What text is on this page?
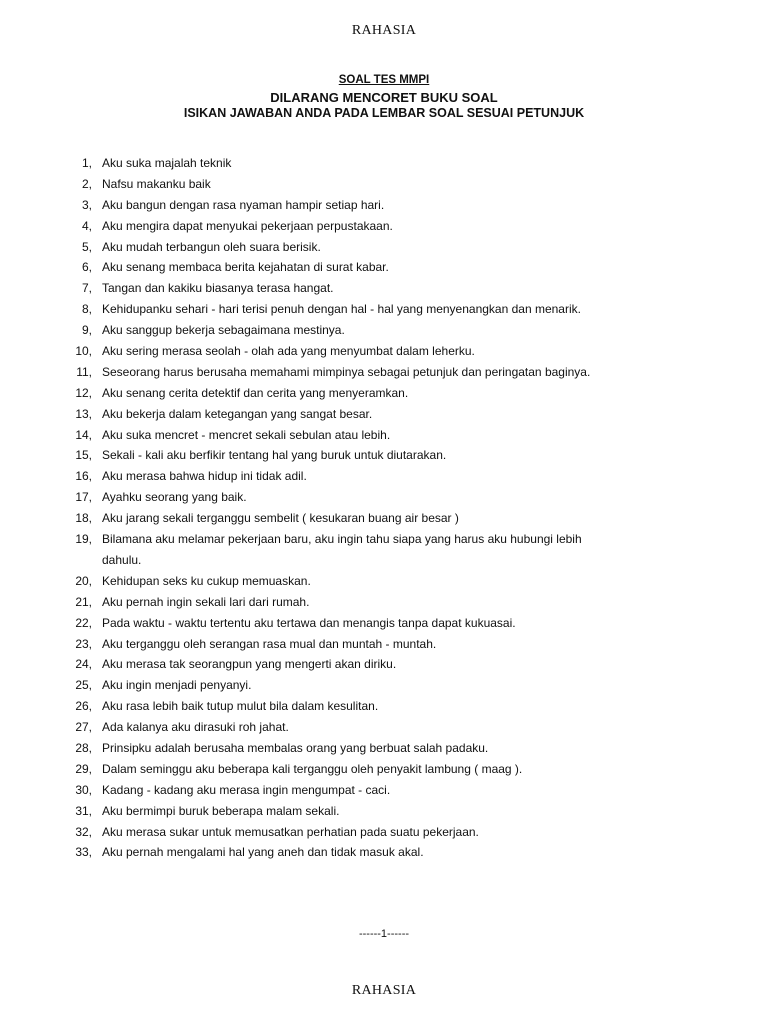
RAHASIA
SOAL TES MMPI
DILARANG MENCORET BUKU SOAL
ISIKAN JAWABAN ANDA PADA LEMBAR SOAL SESUAI PETUNJUK
1, Aku suka majalah teknik
2, Nafsu makanku baik
3, Aku bangun dengan rasa nyaman hampir setiap hari.
4, Aku mengira dapat menyukai pekerjaan perpustakaan.
5, Aku mudah terbangun oleh suara berisik.
6, Aku senang membaca berita kejahatan di surat kabar.
7, Tangan dan kakiku biasanya terasa hangat.
8, Kehidupanku sehari - hari terisi penuh dengan hal - hal yang menyenangkan dan menarik.
9, Aku sanggup bekerja sebagaimana mestinya.
10, Aku sering merasa seolah - olah ada yang menyumbat dalam leherku.
11, Seseorang harus berusaha memahami mimpinya sebagai petunjuk dan peringatan baginya.
12, Aku senang cerita detektif dan cerita yang menyeramkan.
13, Aku bekerja dalam ketegangan yang sangat besar.
14, Aku suka mencret - mencret sekali sebulan atau lebih.
15, Sekali - kali aku berfikir tentang hal yang buruk untuk diutarakan.
16, Aku merasa bahwa hidup ini tidak adil.
17, Ayahku seorang yang baik.
18, Aku jarang sekali terganggu sembelit ( kesukaran buang air besar )
19, Bilamana aku melamar pekerjaan baru, aku ingin tahu siapa yang harus aku hubungi lebih dahulu.
20, Kehidupan seks ku cukup memuaskan.
21, Aku pernah ingin sekali lari dari rumah.
22, Pada waktu - waktu tertentu aku tertawa dan menangis tanpa dapat kukuasai.
23, Aku terganggu oleh serangan rasa mual dan muntah - muntah.
24, Aku merasa tak seorangpun yang mengerti akan diriku.
25, Aku ingin menjadi penyanyi.
26, Aku rasa lebih baik tutup mulut bila dalam kesulitan.
27, Ada kalanya aku dirasuki roh jahat.
28, Prinsipku adalah berusaha membalas orang yang berbuat salah padaku.
29, Dalam seminggu aku beberapa kali terganggu oleh penyakit lambung ( maag ).
30, Kadang - kadang aku merasa ingin mengumpat - caci.
31, Aku bermimpi buruk beberapa malam sekali.
32, Aku merasa sukar untuk memusatkan perhatian pada suatu pekerjaan.
33, Aku pernah mengalami hal yang aneh dan tidak masuk akal.
------1------
RAHASIA
